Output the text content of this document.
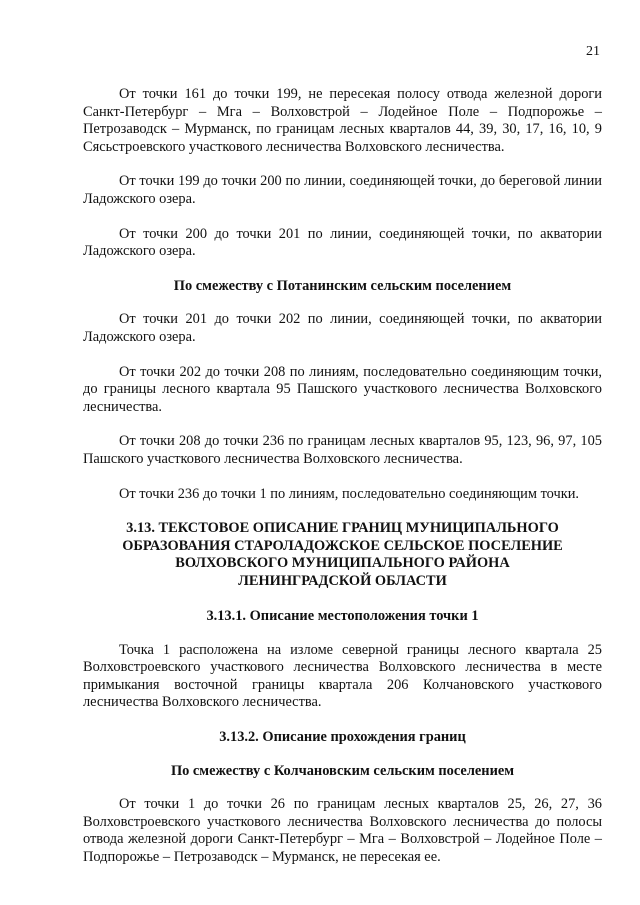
21

От точки 161 до точки 199, не пересекая полосу отвода железной дороги Санкт-Петербург – Мга – Волховстрой – Лодейное Поле – Подпорожье – Петрозаводск – Мурманск, по границам лесных кварталов 44, 39, 30, 17, 16, 10, 9 Сясьстроевского участкового лесничества Волховского лесничества.

От точки 199 до точки 200 по линии, соединяющей точки, до береговой линии Ладожского озера.

От точки 200 до точки 201 по линии, соединяющей точки, по акватории Ладожского озера.

По смежеству с Потанинским сельским поселением

От точки 201 до точки 202 по линии, соединяющей точки, по акватории Ладожского озера.

От точки 202 до точки 208 по линиям, последовательно соединяющим точки, до границы лесного квартала 95 Пашского участкового лесничества Волховского лесничества.

От точки 208 до точки 236 по границам лесных кварталов 95, 123, 96, 97, 105 Пашского участкового лесничества Волховского лесничества.

От точки 236 до точки 1 по линиям, последовательно соединяющим точки.

3.13. ТЕКСТОВОЕ ОПИСАНИЕ ГРАНИЦ МУНИЦИПАЛЬНОГО
ОБРАЗОВАНИЯ СТАРОЛАДОЖСКОЕ СЕЛЬСКОЕ ПОСЕЛЕНИЕ
ВОЛХОВСКОГО МУНИЦИПАЛЬНОГО РАЙОНА
ЛЕНИНГРАДСКОЙ ОБЛАСТИ
3.13.1. Описание местоположения точки 1

Точка 1 расположена на изломе северной границы лесного квартала 25 Волховстроевского участкового лесничества Волховского лесничества в месте примыкания восточной границы квартала 206 Колчановского участкового лесничества Волховского лесничества.

3.13.2. Описание прохождения границ
По смежеству с Колчановским сельским поселением

От точки 1 до точки 26 по границам лесных кварталов 25, 26, 27, 36 Волховстроевского участкового лесничества Волховского лесничества до полосы отвода железной дороги Санкт-Петербург – Мга – Волховстрой – Лодейное Поле – Подпорожье – Петрозаводск – Мурманск, не пересекая ее.
